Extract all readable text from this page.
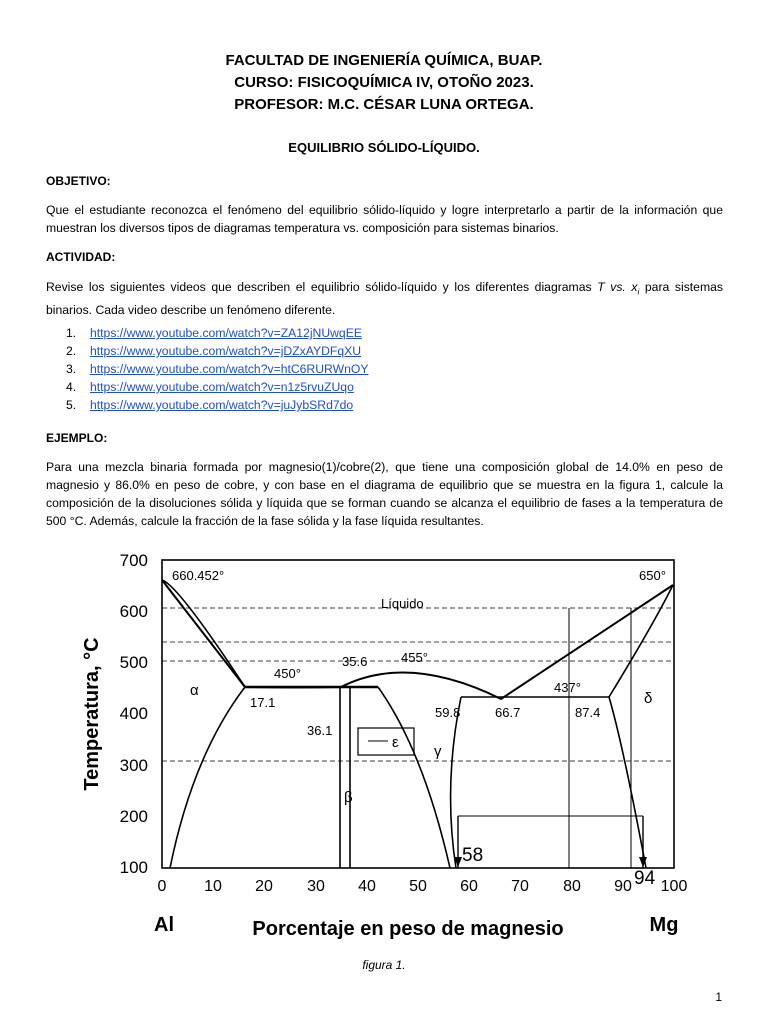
FACULTAD DE INGENIERÍA QUÍMICA, BUAP.
CURSO: FISICOQUÍMICA IV, OTOÑO 2023.
PROFESOR: M.C. CÉSAR LUNA ORTEGA.
EQUILIBRIO SÓLIDO-LÍQUIDO.
OBJETIVO:
Que el estudiante reconozca el fenómeno del equilibrio sólido-líquido y logre interpretarlo a partir de la información que muestran los diversos tipos de diagramas temperatura vs. composición para sistemas binarios.
ACTIVIDAD:
Revise los siguientes videos que describen el equilibrio sólido-líquido y los diferentes diagramas T vs. $x_i$ para sistemas binarios. Cada video describe un fenómeno diferente.
1. https://www.youtube.com/watch?v=ZA12jNUwqEE
2. https://www.youtube.com/watch?v=jDZxAYDFqXU
3. https://www.youtube.com/watch?v=htC6RURWnOY
4. https://www.youtube.com/watch?v=n1z5rvuZUqo
5. https://www.youtube.com/watch?v=juJybSRd7do
EJEMPLO:
Para una mezcla binaria formada por magnesio(1)/cobre(2), que tiene una composición global de 14.0% en peso de magnesio y 86.0% en peso de cobre, y con base en el diagrama de equilibrio que se muestra en la figura 1, calcule la composición de la disoluciones sólida y líquida que se forman cuando se alcanza el equilibrio de fases a la temperatura de 500 °C. Además, calcule la fracción de la fase sólida y la fase líquida resultantes.
700
600
500
400
300
200
100
Temperatura, °C
0 10 20 30 40 50 60 70 80 90 100
Al	Porcentaje en peso de magnesio	Mg
660.452°	650°
Líquido
450°
455°
437°
35.6
17.1
36.1
59.8	66.7	87.4
α
β
γ
δ
ε
58
94
figura 1.
1
